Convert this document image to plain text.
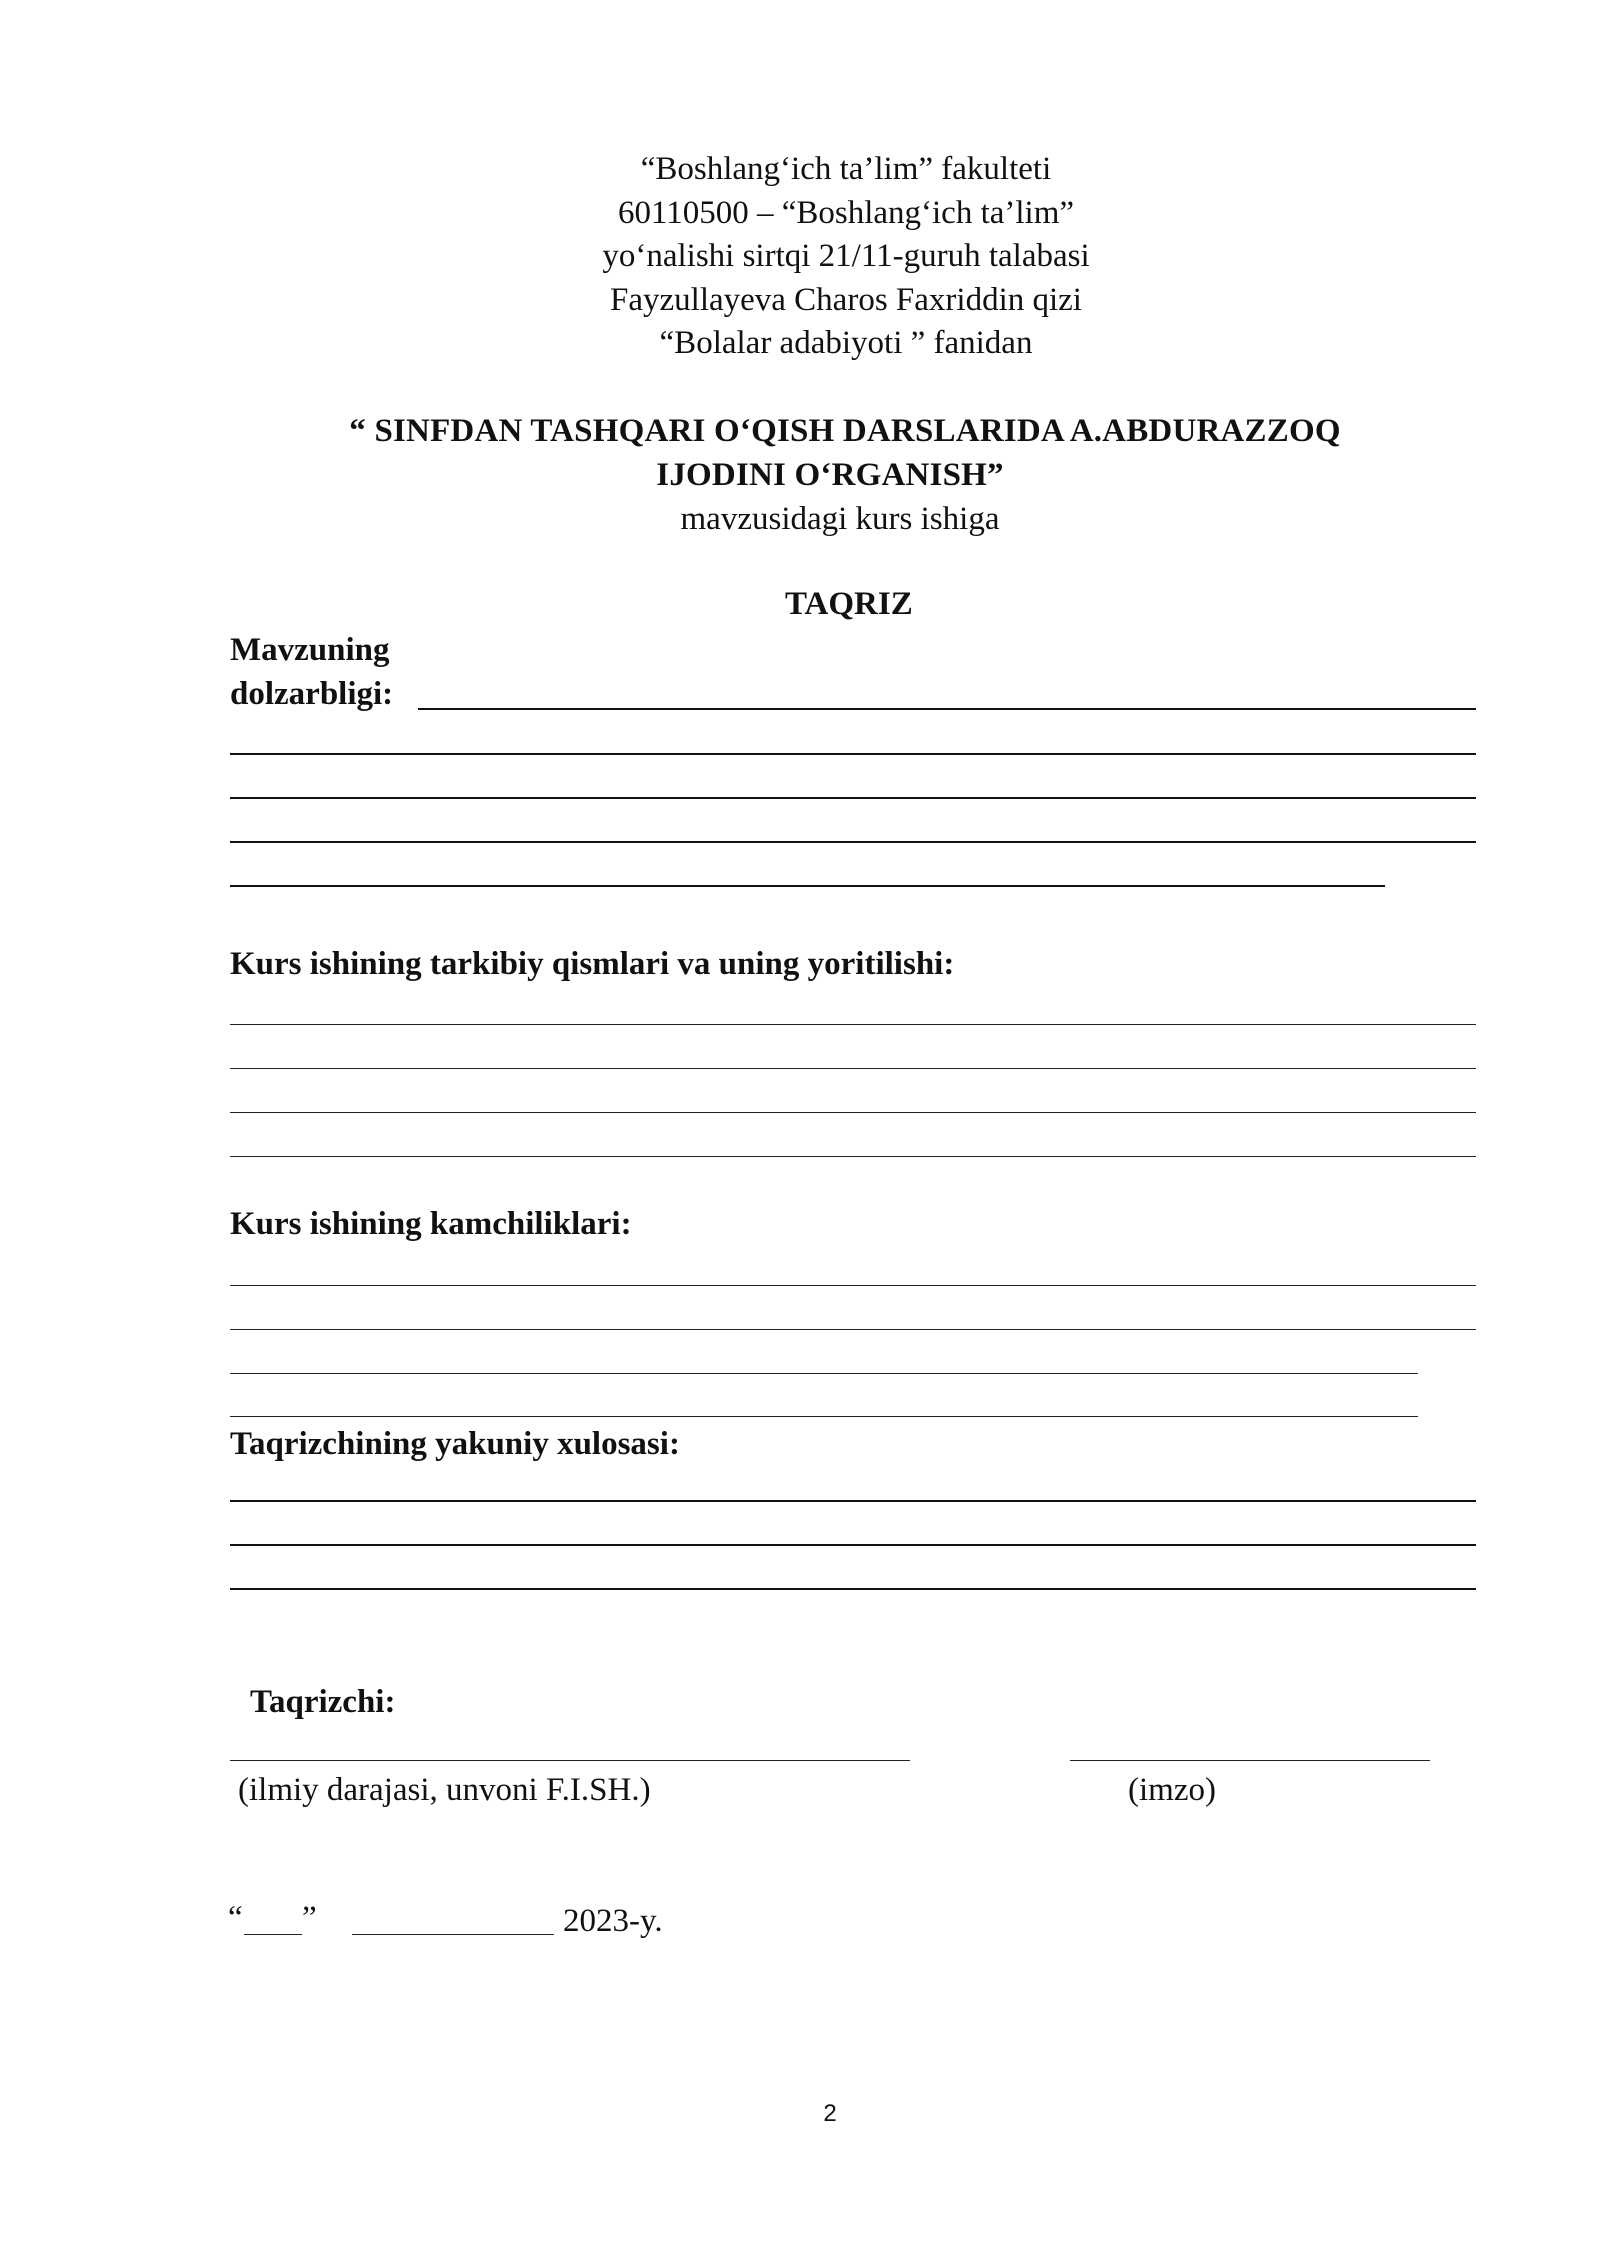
“Boshlang‘ich ta’lim” fakulteti
60110500 – “Boshlang‘ich ta’lim”
yo‘nalishi sirtqi 21/11-guruh talabasi
Fayzullayeva Charos Faxriddin qizi
“Bolalar adabiyoti ” fanidan
“ SINFDAN TASHQARI O‘QISH DARSLARIDA A.ABDURAZZOQ
IJODINI O‘RGANISH”
mavzusidagi kurs ishiga
TAQRIZ
Mavzuning
dolzarbligi:
Kurs ishining tarkibiy qismlari va uning yoritilishi:
Kurs ishining kamchiliklari:
Taqrizchining yakuniy xulosasi:
Taqrizchi:
(ilmiy darajasi, unvoni F.I.SH.)	(imzo)
“ ”	2023-y.
2
